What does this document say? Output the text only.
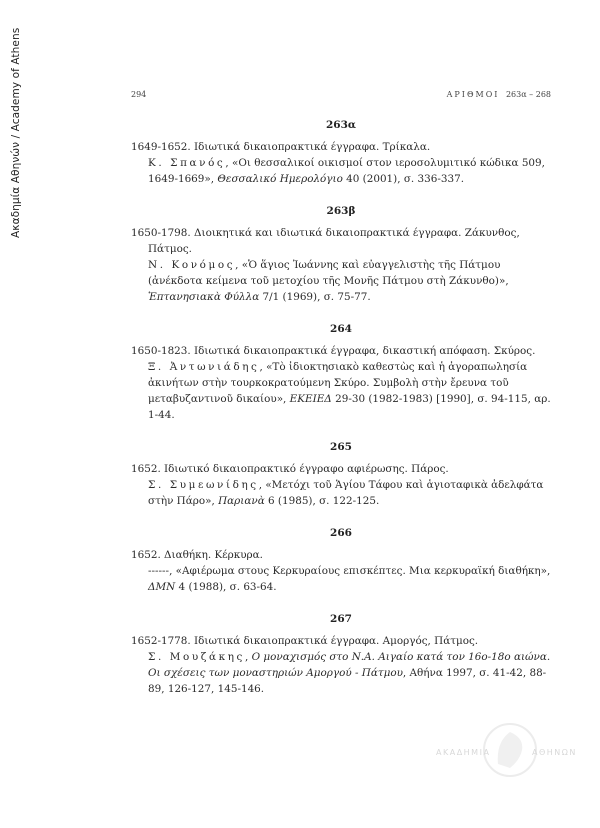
Ακαδημία Αθηνών / Academy of Athens	294	ΑΡΙΘΜΟΙ 263α – 268
263α

1649-1652. Ιδιωτικά δικαιοπρακτικά έγγραφα. Τρίκαλα.

Κ. Σπανός, «Οι θεσσαλικοί οικισμοί στον ιεροσολυμιτικό κώδικα 509, 1649-1669», Θεσσαλικό Ημερολόγιο 40 (2001), σ. 336-337.

263β

1650-1798. Διοικητικά και ιδιωτικά δικαιοπρακτικά έγγραφα. Ζάκυνθος, Πάτμος.

Ν. Κονόμος, «Ὁ ἅγιος Ἰωάννης καὶ εὐαγγελιστὴς τῆς Πάτμου (ἀνέκδοτα κείμενα τοῦ μετοχίου τῆς Μονῆς Πάτμου στὴ Ζάκυνθο)», Ἑπτανησιακὰ Φύλλα 7/1 (1969), σ. 75-77.

264

1650-1823. Ιδιωτικά δικαιοπρακτικά έγγραφα, δικαστική απόφαση. Σκύρος.

Ξ. Ἀντωνιάδης, «Τὸ ἰδιοκτησιακὸ καθεστὼς καὶ ἡ ἀγοραπωλησία ἀκινήτων στὴν τουρκοκρατούμενη Σκύρο. Συμβολὴ στὴν ἔρευνα τοῦ μεταβυζαντινοῦ δικαίου», ΕΚΕΙΕΔ 29-30 (1982-1983) [1990], σ. 94-115, αρ. 1-44.

265

1652. Ιδιωτικό δικαιοπρακτικό έγγραφο αφιέρωσης. Πάρος.

Σ. Συμεωνίδης, «Μετόχι τοῦ Ἁγίου Τάφου καὶ ἁγιοταφικὰ ἀδελφάτα στὴν Πάρο», Παριανὰ 6 (1985), σ. 122-125.

266

1652. Διαθήκη. Κέρκυρα.

------, «Αφιέρωμα στους Κερκυραίους επισκέπτες. Μια κερκυραϊκή διαθήκη», ΔΜΝ 4 (1988), σ. 63-64.

267

1652-1778. Ιδιωτικά δικαιοπρακτικά έγγραφα. Αμοργός, Πάτμος.

Σ. Μουζάκης, Ο μοναχισμός στο Ν.Α. Αιγαίο κατά τον 16ο-18ο αιώνα. Οι σχέσεις των μοναστηριών Αμοργού - Πάτμου, Αθήνα 1997, σ. 41-42, 88-89, 126-127, 145-146.

ΑΚΑΔΗΜΙΑ	ΑΘΗΝΩΝ
